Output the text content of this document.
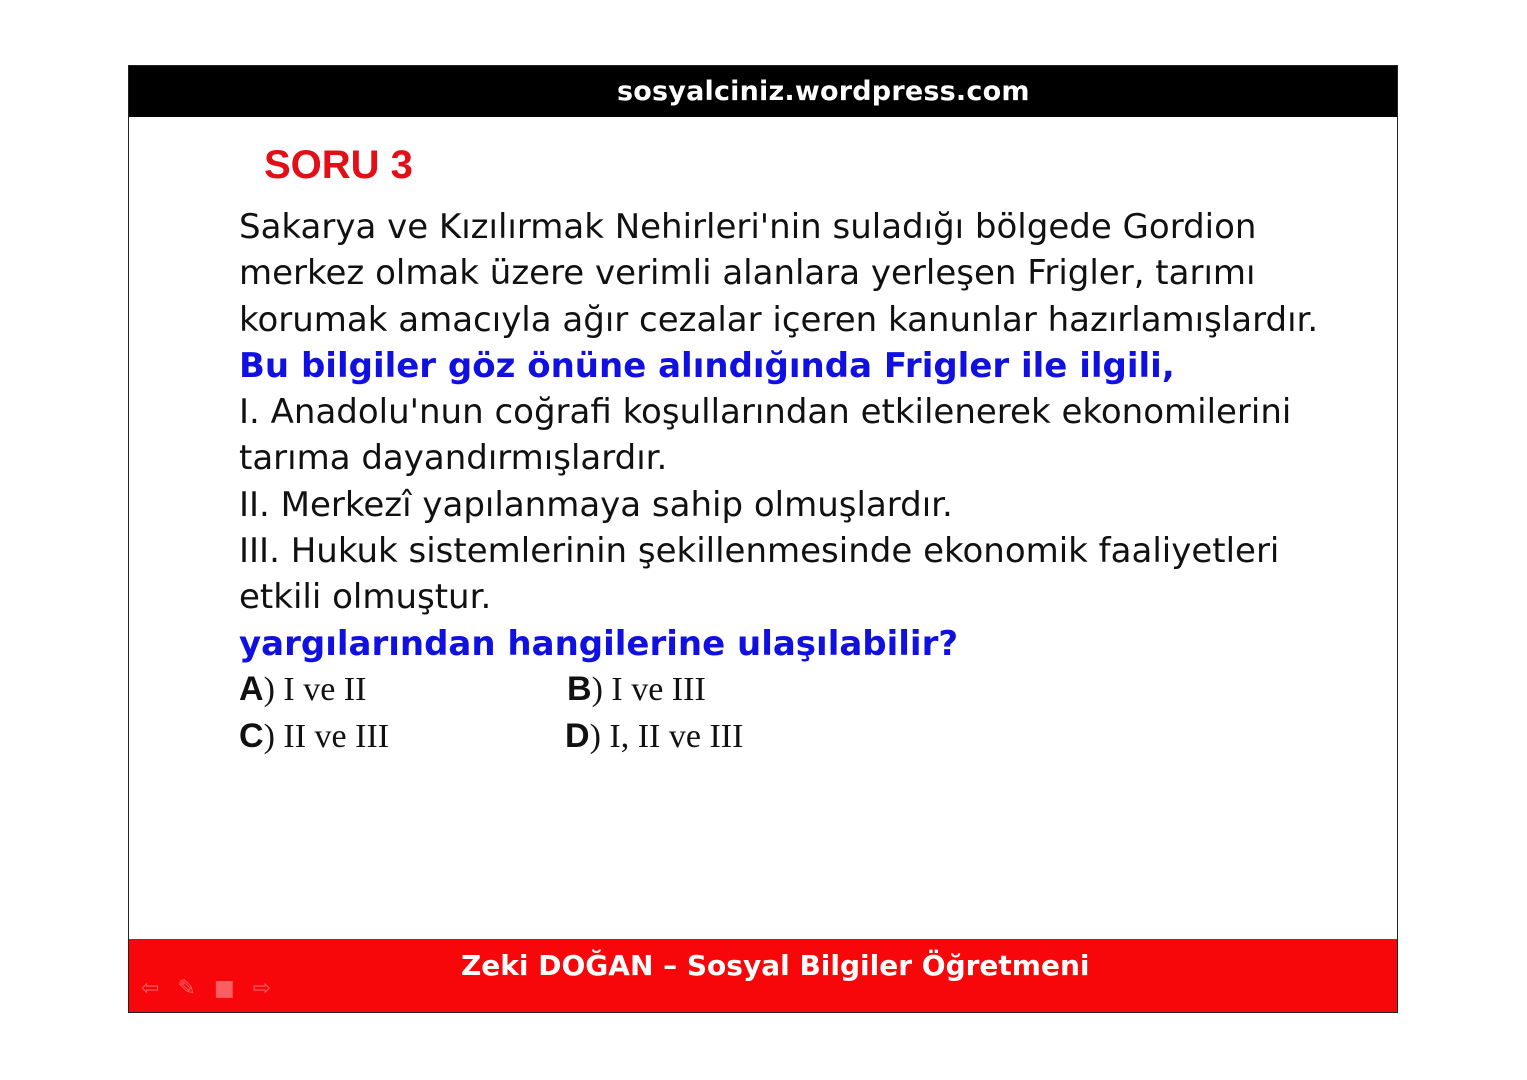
sosyalciniz.wordpress.com
SORU 3
Sakarya ve Kızılırmak Nehirleri'nin suladığı bölgede Gordion
merkez olmak üzere verimli alanlara yerleşen Frigler, tarımı
korumak amacıyla ağır cezalar içeren kanunlar hazırlamışlardır.
Bu bilgiler göz önüne alındığında Frigler ile ilgili,
I. Anadolu'nun coğrafi koşullarından etkilenerek ekonomilerini
tarıma dayandırmışlardır.
II. Merkezî yapılanmaya sahip olmuşlardır.
III. Hukuk sistemlerinin şekillenmesinde ekonomik faaliyetleri
etkili olmuştur.
yargılarından hangilerine ulaşılabilir?
A) I ve II	B) I ve III
C) II ve III	D) I, II ve III
Zeki DOĞAN – Sosyal Bilgiler Öğretmeni
⇦ ✎ ■ ⇨
